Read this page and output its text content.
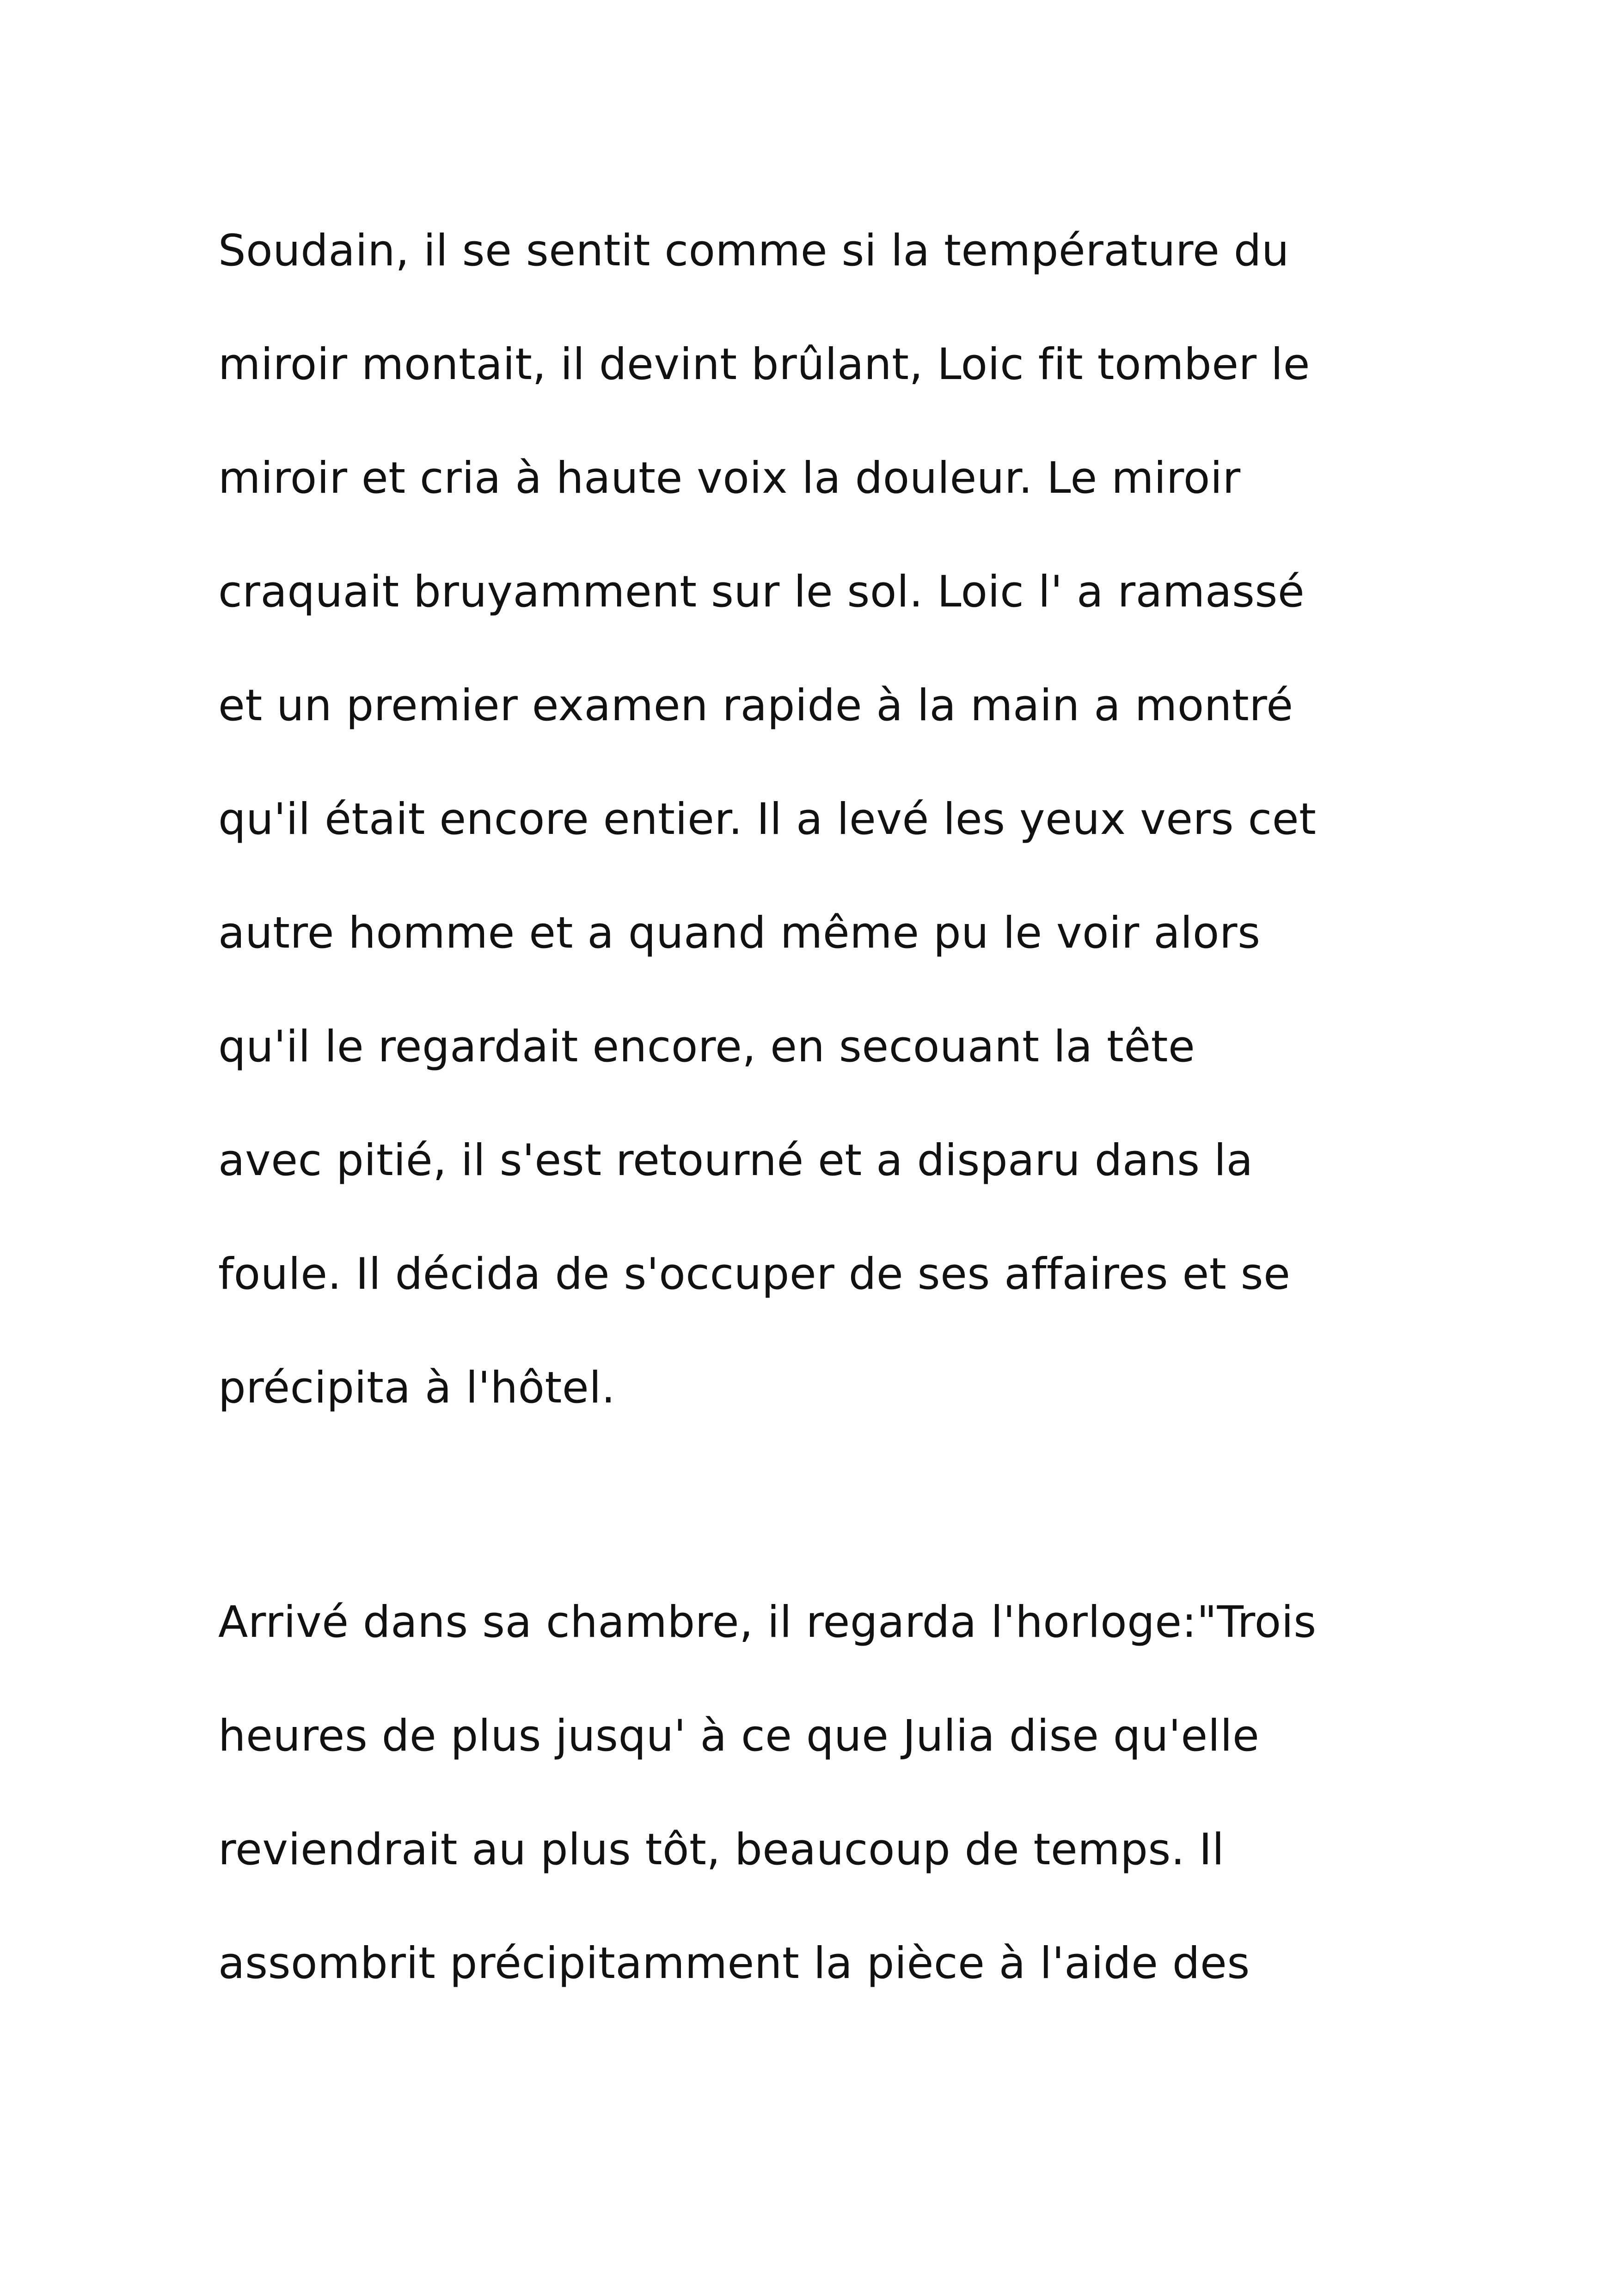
Soudain, il se sentit comme si la température du
miroir montait, il devint brûlant, Loic fit tomber le
miroir et cria à haute voix la douleur. Le miroir
craquait bruyamment sur le sol. Loic l' a ramassé
et un premier examen rapide à la main a montré
qu'il était encore entier. Il a levé les yeux vers cet
autre homme et a quand même pu le voir alors
qu'il le regardait encore, en secouant la tête
avec pitié, il s'est retourné et a disparu dans la
foule. Il décida de s'occuper de ses affaires et se
précipita à l'hôtel.

Arrivé dans sa chambre, il regarda l'horloge:"Trois
heures de plus jusqu' à ce que Julia dise qu'elle
reviendrait au plus tôt, beaucoup de temps. Il
assombrit précipitamment la pièce à l'aide des
